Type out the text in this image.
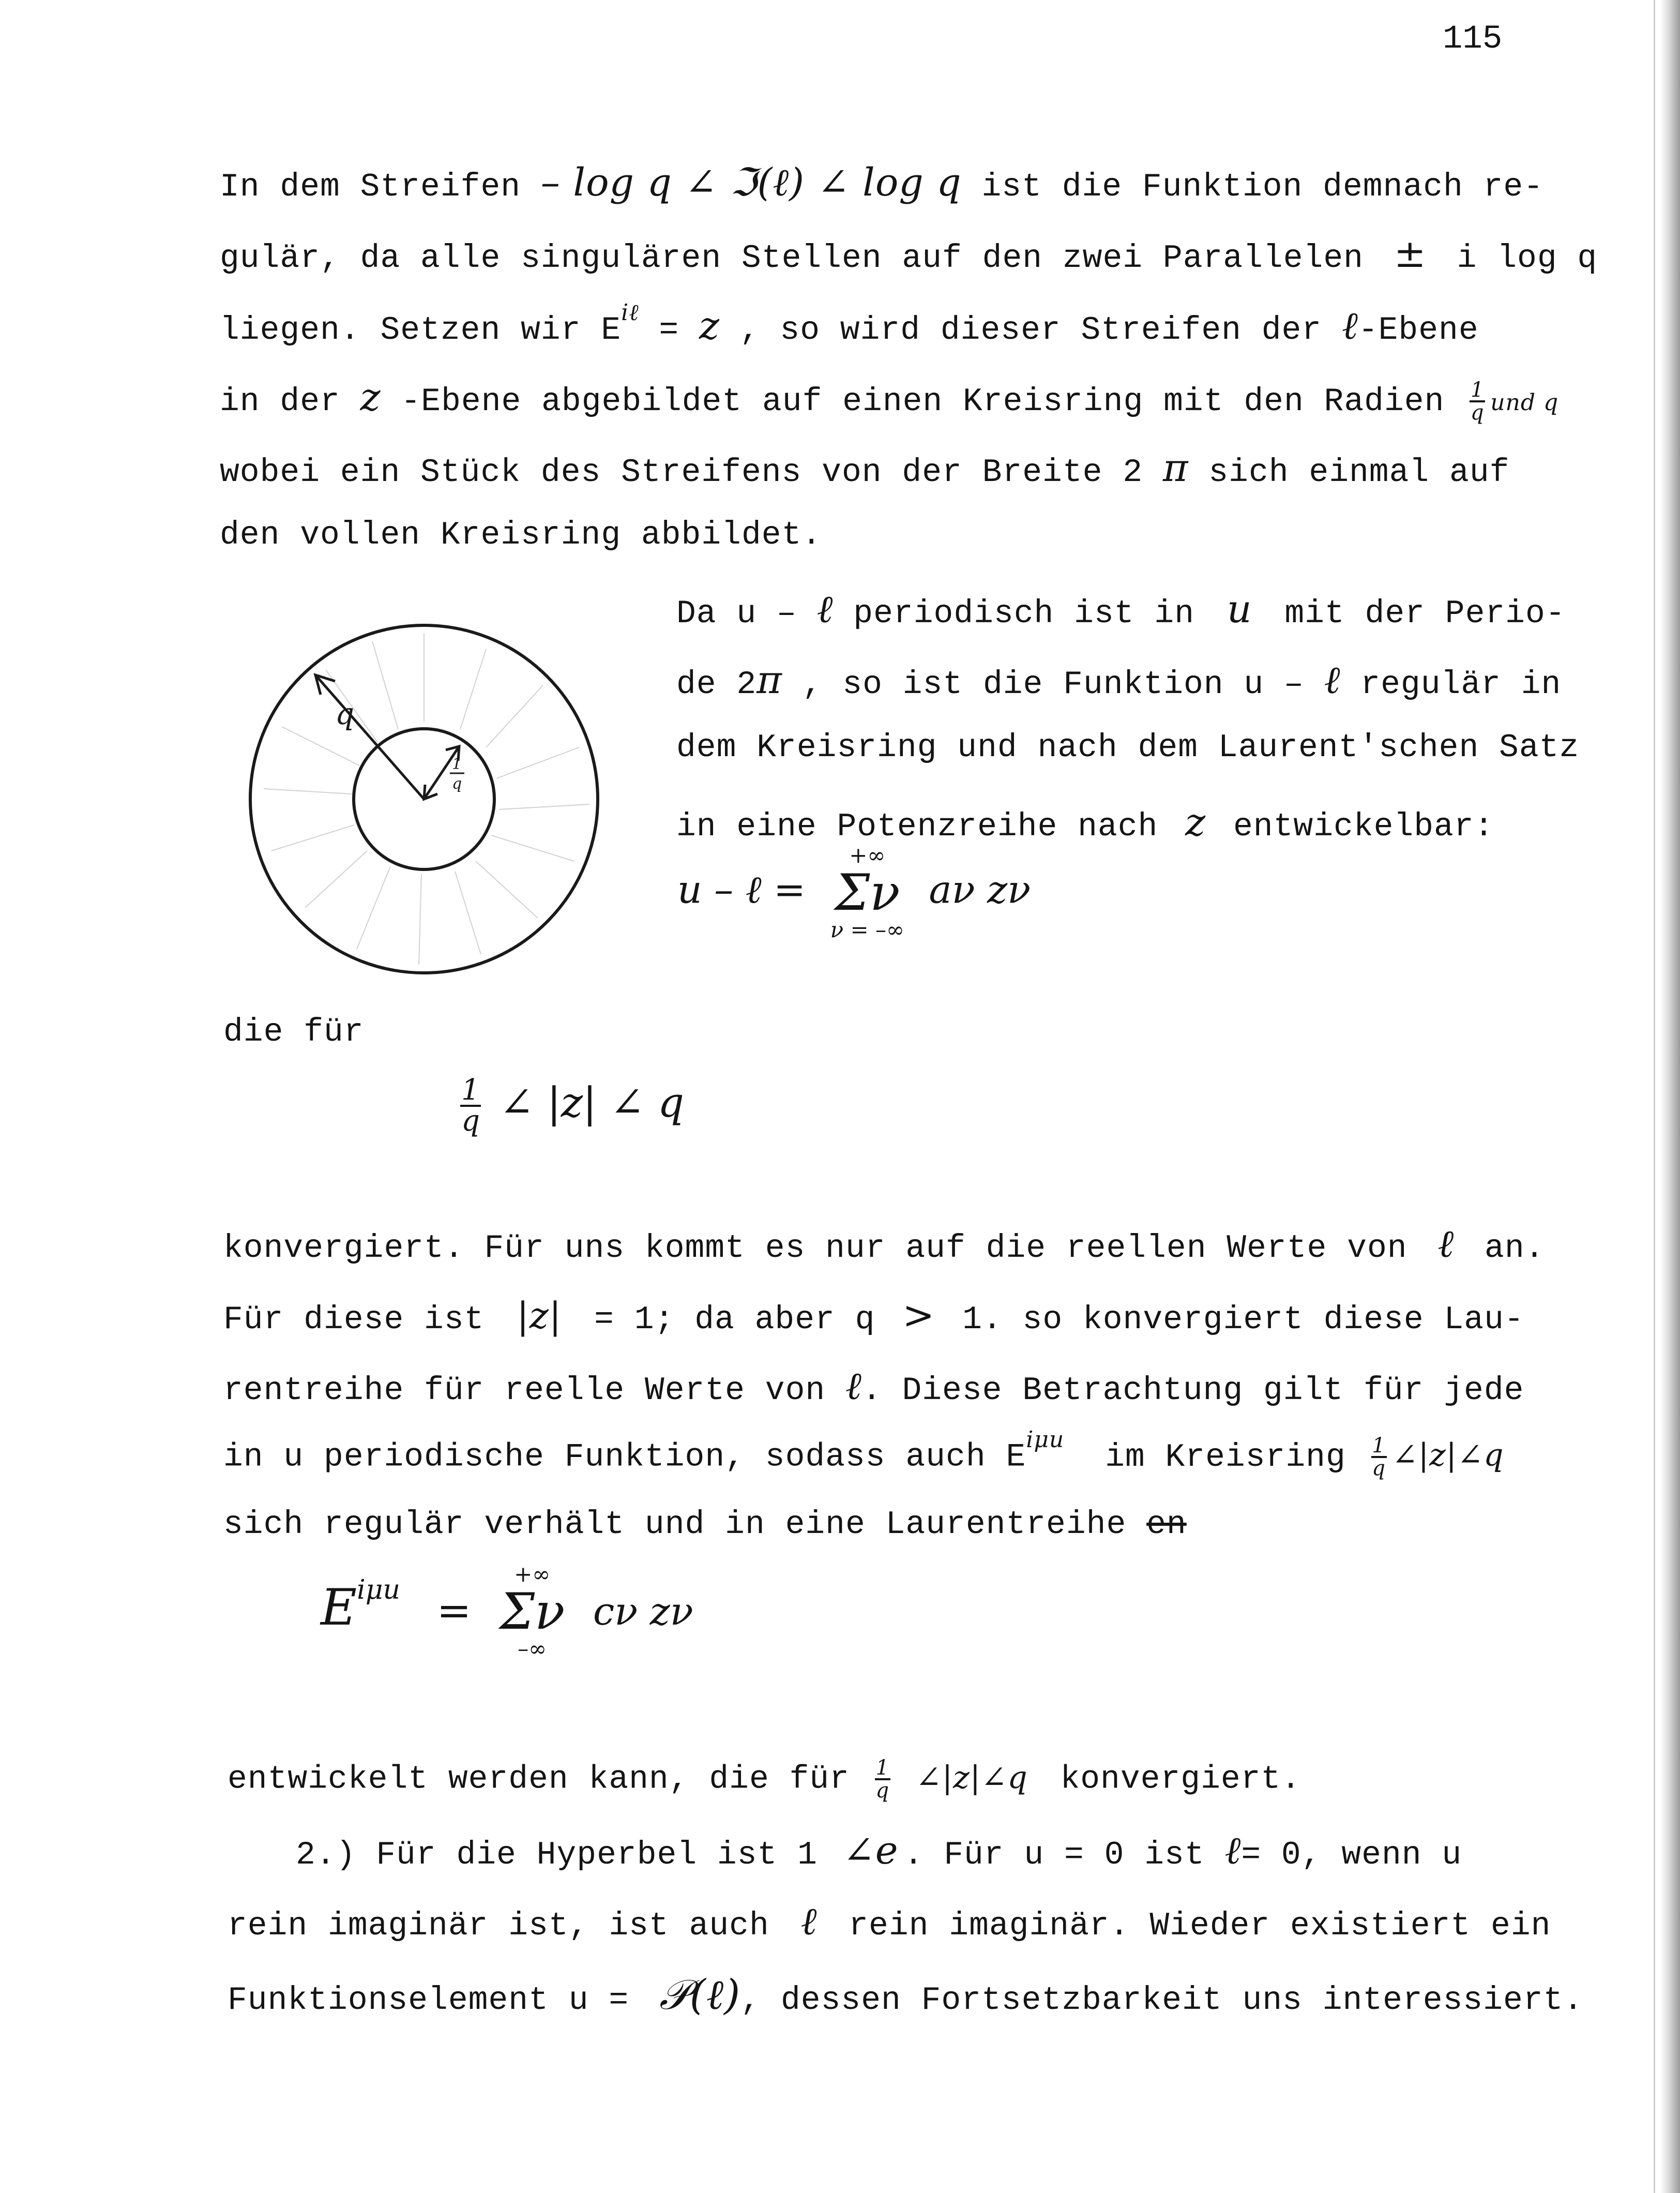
115
In dem Streifen – log q ∠ ℑ(ℓ) ∠ log q ist die Funktion demnach re-
gulär, da alle singulären Stellen auf den zwei Parallelen ± i log q
liegen. Setzen wir $E^{i\ell} = z$ , so wird dieser Streifen der ℓ-Ebene
in der z -Ebene abgebildet auf einen Kreisring mit den Radien $\frac{1}{q}$ und q
wobei ein Stück des Streifens von der Breite 2 π sich einmal auf
den vollen Kreisring abbildet.
q
1
q
Da u – ℓ periodisch ist in u mit der Perio-
de 2π , so ist die Funktion u – ℓ regulär in
dem Kreisring und nach dem Laurent'schen Satz
in eine Potenzreihe nach z entwickelbar:
u – ℓ =
+∞
Σν
ν = –∞
aν zν
die für
$\frac{1}{q}$ ∠ |z| ∠ q
konvergiert. Für uns kommt es nur auf die reellen Werte von ℓ an.
Für diese ist |z| = 1; da aber q > 1. so konvergiert diese Lau-
rentreihe für reelle Werte von ℓ. Diese Betrachtung gilt für jede
in u periodische Funktion, sodass auch $E^{i\mu u}$ im Kreisring $\frac{1}{q}$ ∠|z|∠q
sich regulär verhält und in eine Laurentreihe en
$E^{i\mu u}$ =
+∞
Σν
–∞
cν zν
entwickelt werden kann, die für $\frac{1}{q}$ ∠|z|∠q konvergiert.
2.) Für die Hyperbel ist 1 ∠e . Für u = 0 ist ℓ= 0, wenn u
rein imaginär ist, ist auch ℓ rein imaginär. Wieder existiert ein
Funktionselement u = 𝒫(ℓ), dessen Fortsetzbarkeit uns interessiert.
